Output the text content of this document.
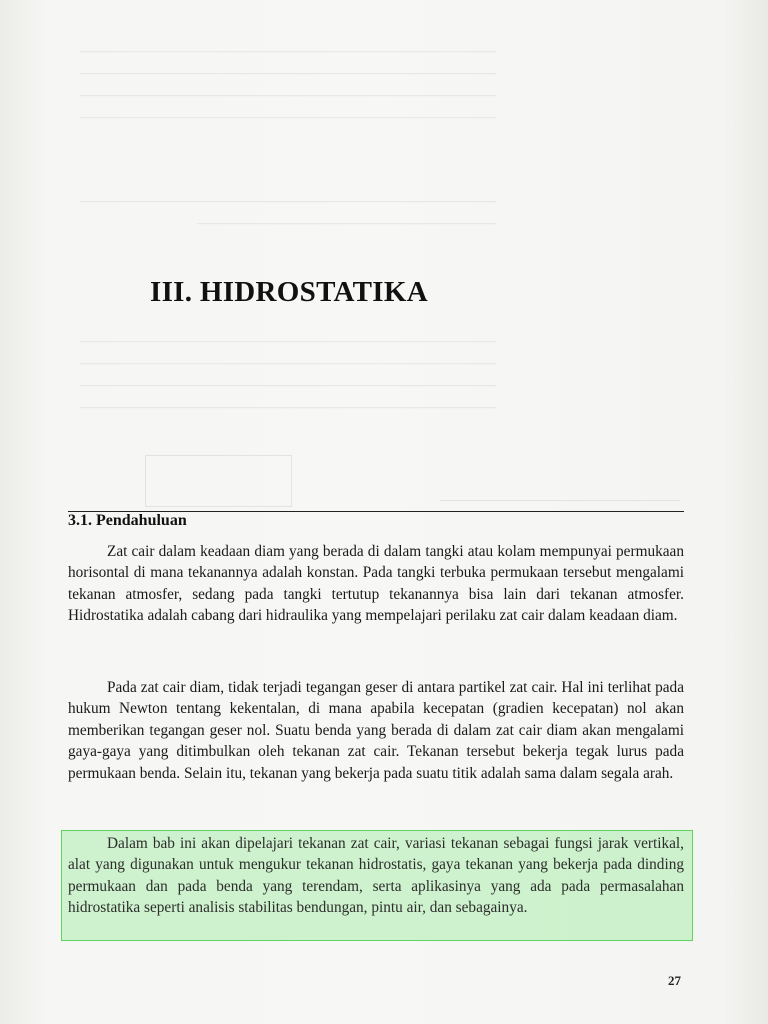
————————————————————————————————
————————————————————————————————
————————————————————————————————
————————————————————————————————
————————————————————————————————
———————————————————————
————————————————————————————————
————————————————————————————————
————————————————————————————————
————————————————————————————————
III. HIDROSTATIKA
3.1. Pendahuluan

Zat cair dalam keadaan diam yang berada di dalam tangki atau kolam mempunyai permukaan horisontal di mana tekanannya adalah konstan. Pada tangki terbuka permukaan tersebut mengalami tekanan atmosfer, sedang pada tangki tertutup tekanannya bisa lain dari tekanan atmosfer. Hidrostatika adalah cabang dari hidraulika yang mempelajari perilaku zat cair dalam keadaan diam.

Pada zat cair diam, tidak terjadi tegangan geser di antara partikel zat cair. Hal ini terlihat pada hukum Newton tentang kekentalan, di mana apabila kecepatan (gradien kecepatan) nol akan memberikan tegangan geser nol. Suatu benda yang berada di dalam zat cair diam akan mengalami gaya-gaya yang ditimbulkan oleh tekanan zat cair. Tekanan tersebut bekerja tegak lurus pada permukaan benda. Selain itu, tekanan yang bekerja pada suatu titik adalah sama dalam segala arah.

Dalam bab ini akan dipelajari tekanan zat cair, variasi tekanan sebagai fungsi jarak vertikal, alat yang digunakan untuk mengukur tekanan hidrostatis, gaya tekanan yang bekerja pada dinding permukaan dan pada benda yang terendam, serta aplikasinya yang ada pada permasalahan hidrostatika seperti analisis stabilitas bendungan, pintu air, dan sebagainya.

27
